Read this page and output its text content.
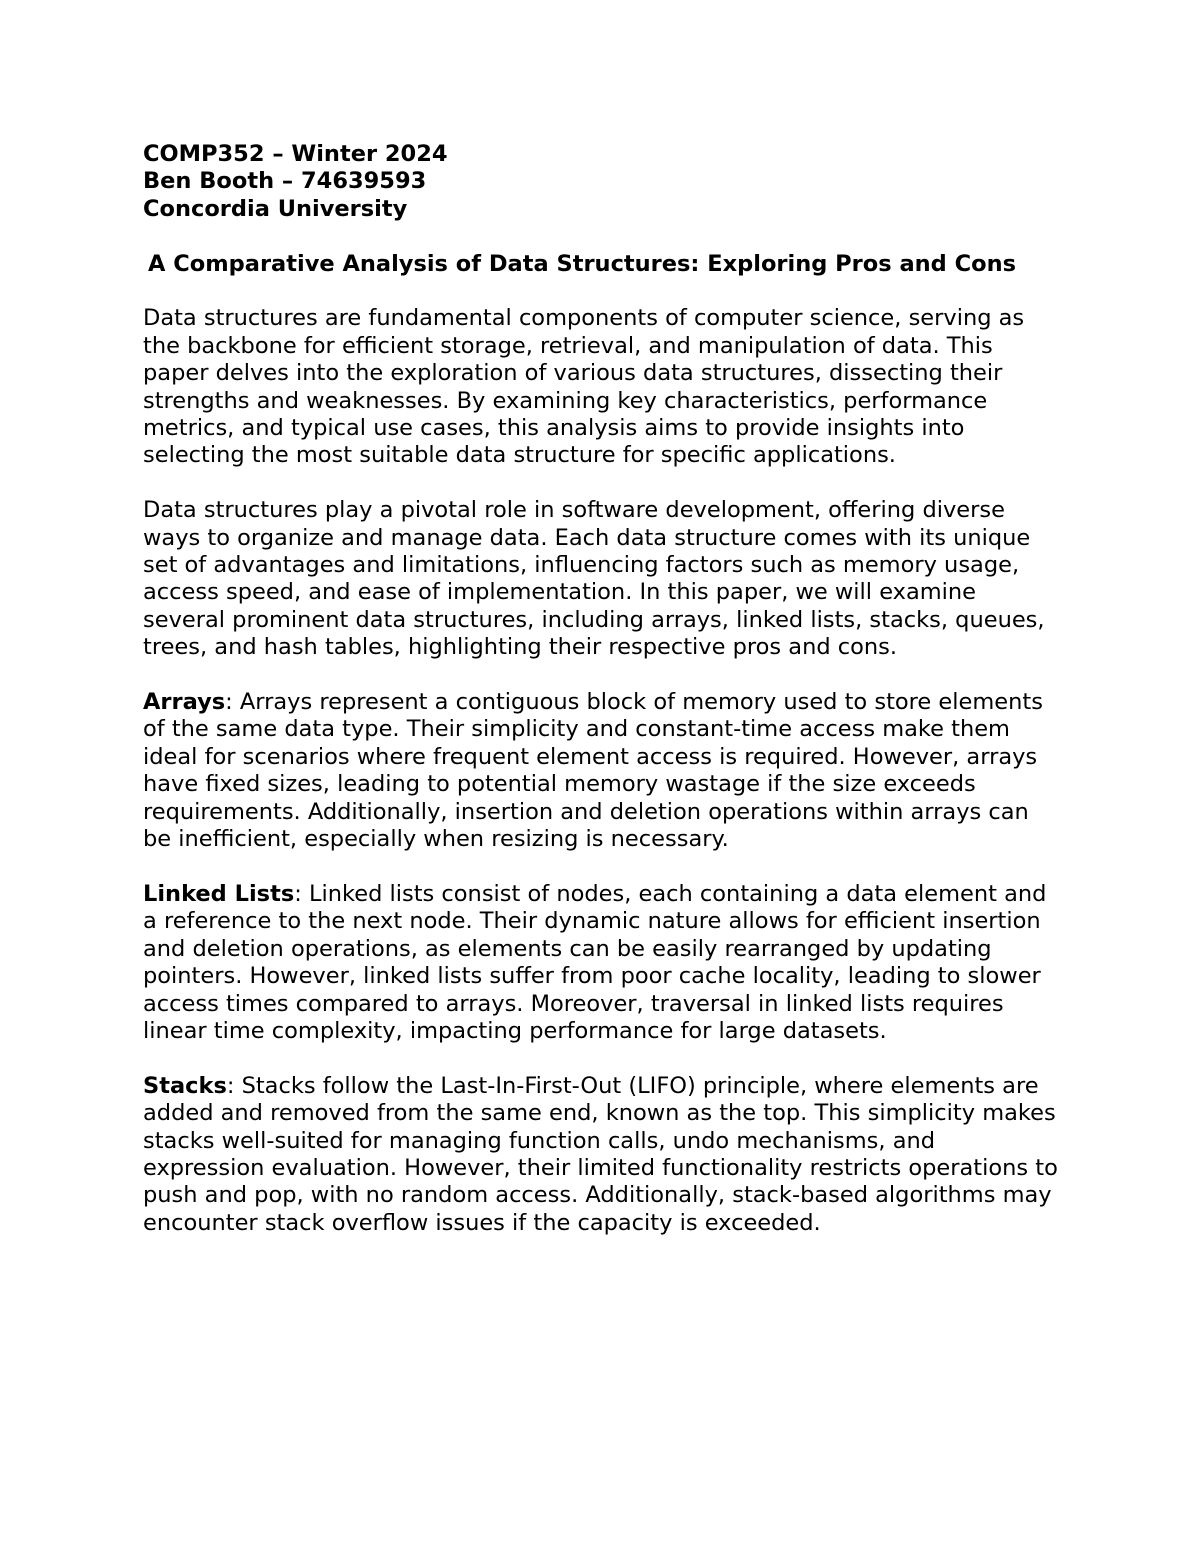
COMP352 – Winter 2024

Ben Booth – 74639593

Concordia University

A Comparative Analysis of Data Structures: Exploring Pros and Cons

Data structures are fundamental components of computer science, serving as the backbone for efficient storage, retrieval, and manipulation of data. This paper delves into the exploration of various data structures, dissecting their strengths and weaknesses. By examining key characteristics, performance metrics, and typical use cases, this analysis aims to provide insights into selecting the most suitable data structure for specific applications.

Data structures play a pivotal role in software development, offering diverse ways to organize and manage data. Each data structure comes with its unique set of advantages and limitations, influencing factors such as memory usage, access speed, and ease of implementation. In this paper, we will examine several prominent data structures, including arrays, linked lists, stacks, queues, trees, and hash tables, highlighting their respective pros and cons.

Arrays: Arrays represent a contiguous block of memory used to store elements of the same data type. Their simplicity and constant-time access make them ideal for scenarios where frequent element access is required. However, arrays have fixed sizes, leading to potential memory wastage if the size exceeds requirements. Additionally, insertion and deletion operations within arrays can be inefficient, especially when resizing is necessary.

Linked Lists: Linked lists consist of nodes, each containing a data element and a reference to the next node. Their dynamic nature allows for efficient insertion and deletion operations, as elements can be easily rearranged by updating pointers. However, linked lists suffer from poor cache locality, leading to slower access times compared to arrays. Moreover, traversal in linked lists requires linear time complexity, impacting performance for large datasets.

Stacks: Stacks follow the Last-In-First-Out (LIFO) principle, where elements are added and removed from the same end, known as the top. This simplicity makes stacks well-suited for managing function calls, undo mechanisms, and expression evaluation. However, their limited functionality restricts operations to push and pop, with no random access. Additionally, stack-based algorithms may encounter stack overflow issues if the capacity is exceeded.
